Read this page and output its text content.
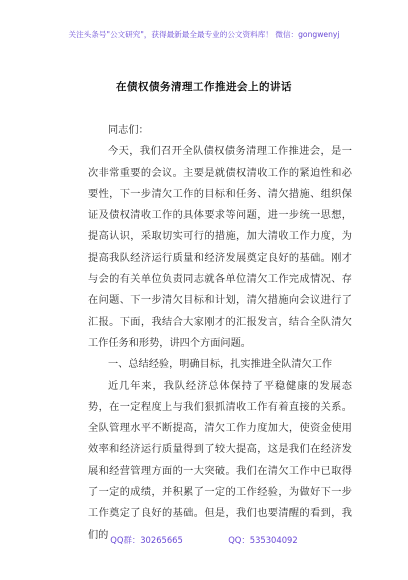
关注头条号"公文研究"，获得最新最全最专业的公文资料库！ 微信：gongwenyj
在债权债务清理工作推进会上的讲话

同志们：

今天，我们召开全队债权债务清理工作推进会，是一次非常重要的会议。主要是就债权清收工作的紧迫性和必要性，下一步清欠工作的目标和任务、清欠措施、组织保证及债权清收工作的具体要求等问题，进一步统一思想，提高认识，采取切实可行的措施，加大清收工作力度，为提高我队经济运行质量和经济发展奠定良好的基础。刚才与会的有关单位负责同志就各单位清欠工作完成情况、存在问题、下一步清欠目标和计划，清欠措施向会议进行了汇报。下面，我结合大家刚才的汇报发言，结合全队清欠工作任务和形势，讲四个方面问题。

一、总结经验，明确目标，扎实推进全队清欠工作

近几年来，我队经济总体保持了平稳健康的发展态势，在一定程度上与我们狠抓清收工作有着直接的关系。全队管理水平不断提高，清欠工作力度加大，使资金使用效率和经济运行质量得到了较大提高，这是我们在经济发展和经营管理方面的一大突破。我们在清欠工作中已取得了一定的成绩，并积累了一定的工作经验，为做好下一步工作奠定了良好的基础。但是，我们也要清醒的看到，我们的 QQ群：30265665	QQ：535304092
